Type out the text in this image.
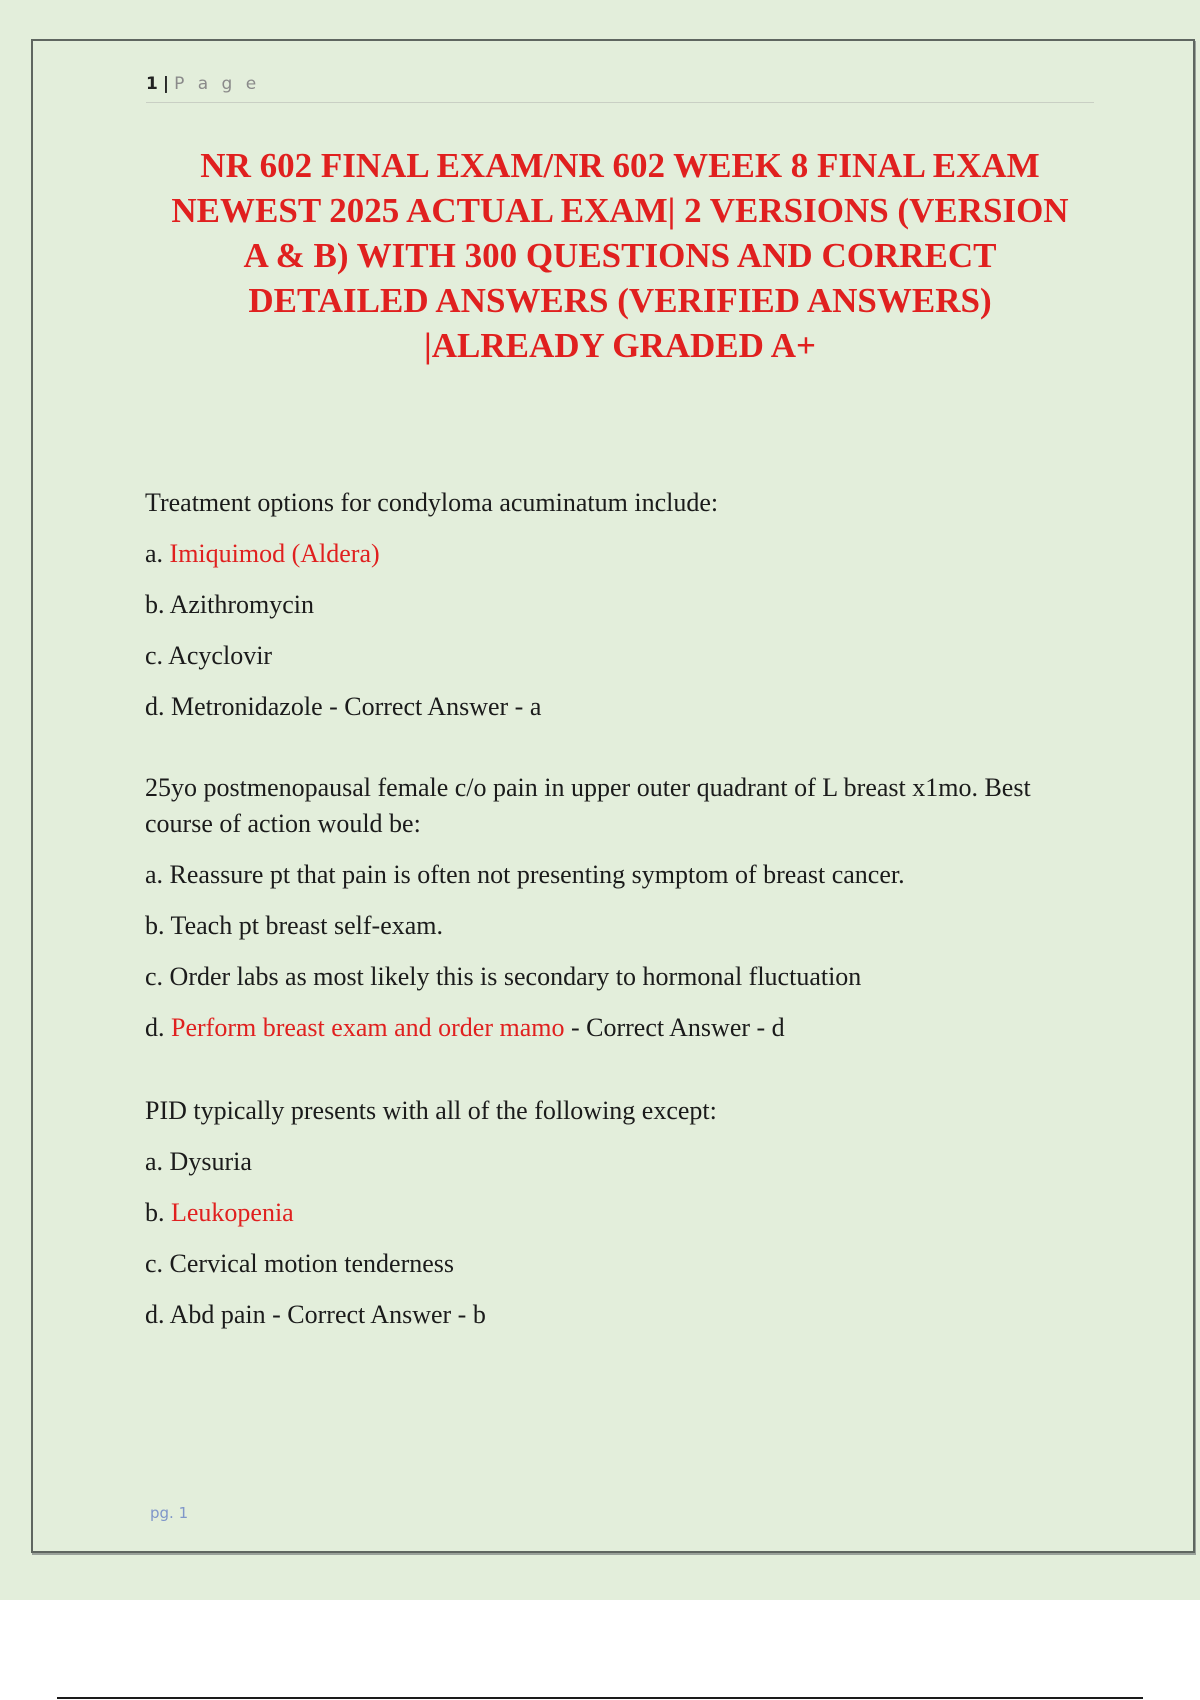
1 | P a g e
NR 602 FINAL EXAM/NR 602 WEEK 8 FINAL EXAM
NEWEST 2025 ACTUAL EXAM| 2 VERSIONS (VERSION
A & B) WITH 300 QUESTIONS AND CORRECT
DETAILED ANSWERS (VERIFIED ANSWERS)
|ALREADY GRADED A+

Treatment options for condyloma acuminatum include:

a. Imiquimod (Aldera)

b. Azithromycin

c. Acyclovir

d. Metronidazole - Correct Answer - a

25yo postmenopausal female c/o pain in upper outer quadrant of L breast x1mo. Best course of action would be:

a. Reassure pt that pain is often not presenting symptom of breast cancer.

b. Teach pt breast self-exam.

c. Order labs as most likely this is secondary to hormonal fluctuation

d. Perform breast exam and order mamo - Correct Answer - d

PID typically presents with all of the following except:

a. Dysuria

b. Leukopenia

c. Cervical motion tenderness

d. Abd pain - Correct Answer - b

pg. 1
